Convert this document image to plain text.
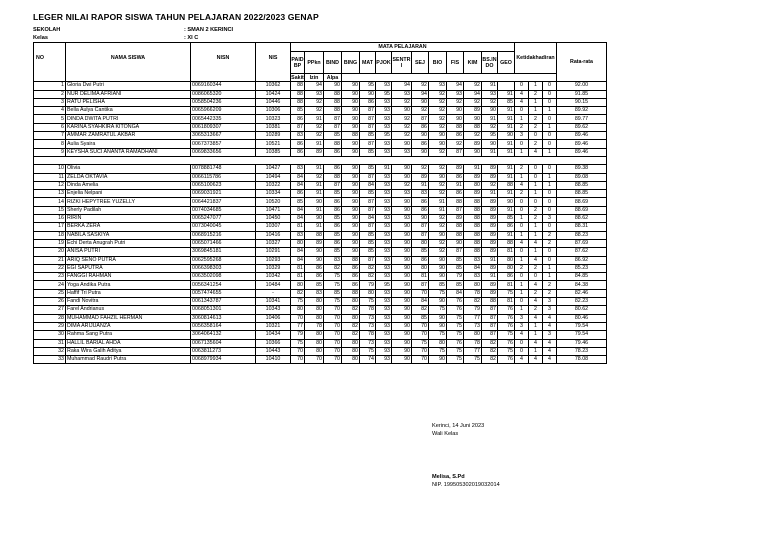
LEGER NILAI RAPOR SISWA TAHUN PELAJARAN 2022/2023 GENAP
SEKOLAH	: SMAN 2 KERINCI
Kelas	: XI C
NO	NAMA SISWA	NISN	NIS	MATA PELAJARAN													Ketidakhadiran			Rata-rata
				PAIDBP	PPkn	BIND	BING	MAT	PJOK	SENTRI	SEJ	BIO	FIS	KIM	BS.INDO	GEO				
				Sakit	Izin	Alpa														
1	Gloria Dwi Putri	0069160344	10362	88	94	90	90	95	93	94	92	93	94	92	91		0	1	0	92.00
2	NUR DELIMA AFRIANI	0086065320	10424	88	93	88	90	90	95	93	94	92	93	94	93	91	4	2	0	91.85
3	RATU PELISHA	0058504236	10446	88	92	88	90	86	93	92	90	92	92	92	92	85	4	1	0	90.15
4	Bella Aulya Cantika	0065966209	10306	85	92	88	90	87	93	90	92	92	90	89	90	91	0	1	1	89.92
5	DINDA DWITA PUTRI	0065442335	10323	86	91	87	90	87	93	92	87	92	90	90	91	91	1	2	0	89.77
6	KARINA SYAHKIRA KITONGA	0061809307	10381	87	92	87	90	87	93	92	86	92	88	88	92	91	2	2	1	89.62
7	AMMAR ZAMRATUL AKBAR	3065313667	10289	83	92	85	88	85	95	92	90	90	86	92	95	90	3	0	0	89.46
8	Aulia Syaira	0067373857	10521	86	91	88	90	87	93	90	86	90	92	89	90	91	0	2	0	89.46
9	KEYSHA SUCI ANANTA RAMADHANI	0069833656	10385	86	89	86	90	85	93	93	90	92	87	90	91	91	1	4	1	89.46

10	Olivia	0078881748	10427	83	91	86	90	85	91	90	92	92	89	91	89	91	2	0	0	89.38
11	ZELDA OKTAVIA	0066115786	10494	84	92	88	90	87	93	90	89	90	86	89	89	91	1	0	1	89.08
12	Dinda Amelia	0065100623	10322	84	91	87	90	84	93	92	91	92	91	80	92	88	4	1	1	88.85
13	Enjelia Nelpani	0069031921	10334	86	91	85	90	85	93	93	83	92	86	89	91	91	2	1	0	88.85
14	RIZKI HEPYTREE YUZELLY	0064421837	10520	85	90	86	90	87	93	90	86	91	88	88	89	90	0	0	0	88.69
15	Sherly Padilah	0074034685	10471	84	91	86	90	87	93	90	86	91	87	88	89	91	0	2	0	88.69
16	RIRIN	0065247077	10450	84	90	85	90	84	93	93	90	92	89	88	89	85	1	2	3	88.62
17	BERKA ZERA	0073040045	10307	81	91	86	90	87	93	90	87	92	88	88	89	86	0	1	0	88.31
18	NABILA SASKIYA	0068915216	10416	83	88	85	90	85	93	90	87	90	88	88	89	91	1	1	2	88.23
19	Echi Derta Anugrah Putri	0065071466	10327	80	89	86	90	85	93	90	80	92	90	88	89	88	4	4	2	87.69
20	ANISA PUTRI	3069845181	10291	84	90	85	90	85	93	90	85	92	87	88	89	81	0	1	0	87.62
21	ARIQ SENO PUTRA	0062595268	10293	84	90	83	88	87	93	90	86	90	85	83	91	80	1	4	0	86.92
22	EGI SAPUTRA	0066398303	10329	81	86	82	86	82	93	90	80	90	85	84	89	80	2	2	1	85.23
23	FANGGI RAHMAN	0063502098	10342	81	86	75	86	82	93	90	81	90	79	83	91	86	0	0	1	84.85
24	Yoga Andika Putra	0056341254	10484	80	85	75	86	79	95	90	87	85	85	80	89	81	1	4	2	84.38
25	Haffif Tri Putra	0057474655	-	82	83	85	88	80	93	90	70	75	84	78	89	75	1	2	2	82.46
26	Fandi Novitra	0061343787	10341	75	80	75	80	75	93	90	84	90	76	82	88	81	0	4	3	82.23
27	Farel Andrianus	0068051301	10343	80	80	70	82	78	93	90	82	75	76	79	87	76	1	2	3	80.62
28	MUHAMMAD FAHZIL HERMAN	3060814613	10406	70	80	70	80	73	93	90	85	90	75	77	87	76	3	4	4	80.46
29	DIMA ARIJUANZA	0056358164	10321	77	78	70	82	73	93	90	70	90	75	73	87	76	3	1	4	79.54
30	Rahma Sang Putra	3064064132	10434	79	80	70	82	78	93	90	70	75	75	80	87	75	4	1	3	79.54
31	HALLIL BARIAL AHDA	0067135604	10366	75	80	70	80	73	93	90	75	80	76	78	82	76	0	4	4	79.46
32	Raka Wira Galih Aditya	0063811273	10443	70	80	70	80	75	93	90	70	75	75	77	82	75	0	1	4	78.23
33	Muhammad Raudri Putra	0068979934	10410	70	70	70	80	74	93	90	70	90	75	75	82	76	4	4	4	78.08
Kerinci, 14 Juni 2023
Wali Kelas
Melisa, S.Pd
NIP. 199505302019032014
